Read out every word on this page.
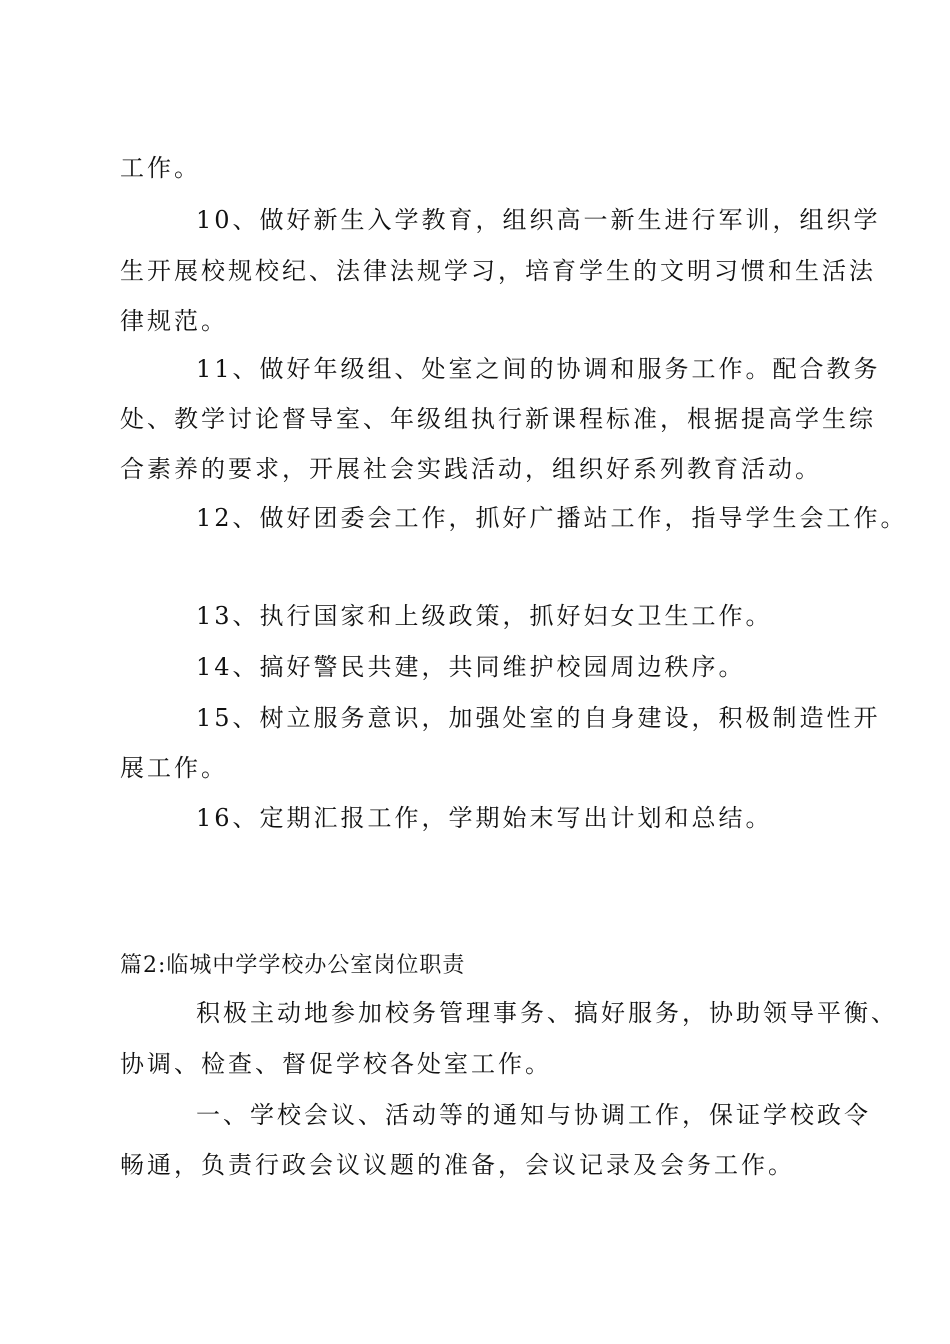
工作。
10、做好新生入学教育，组织高一新生进行军训，组织学
生开展校规校纪、法律法规学习，培育学生的文明习惯和生活法
律规范。
11、做好年级组、处室之间的协调和服务工作。配合教务
处、教学讨论督导室、年级组执行新课程标准，根据提高学生综
合素养的要求，开展社会实践活动，组织好系列教育活动。
12、做好团委会工作，抓好广播站工作，指导学生会工作。
13、执行国家和上级政策，抓好妇女卫生工作。
14、搞好警民共建，共同维护校园周边秩序。
15、树立服务意识，加强处室的自身建设，积极制造性开
展工作。
16、定期汇报工作，学期始末写出计划和总结。
篇2:临城中学学校办公室岗位职责
积极主动地参加校务管理事务、搞好服务，协助领导平衡、
协调、检查、督促学校各处室工作。
一、学校会议、活动等的通知与协调工作，保证学校政令
畅通，负责行政会议议题的准备，会议记录及会务工作。
